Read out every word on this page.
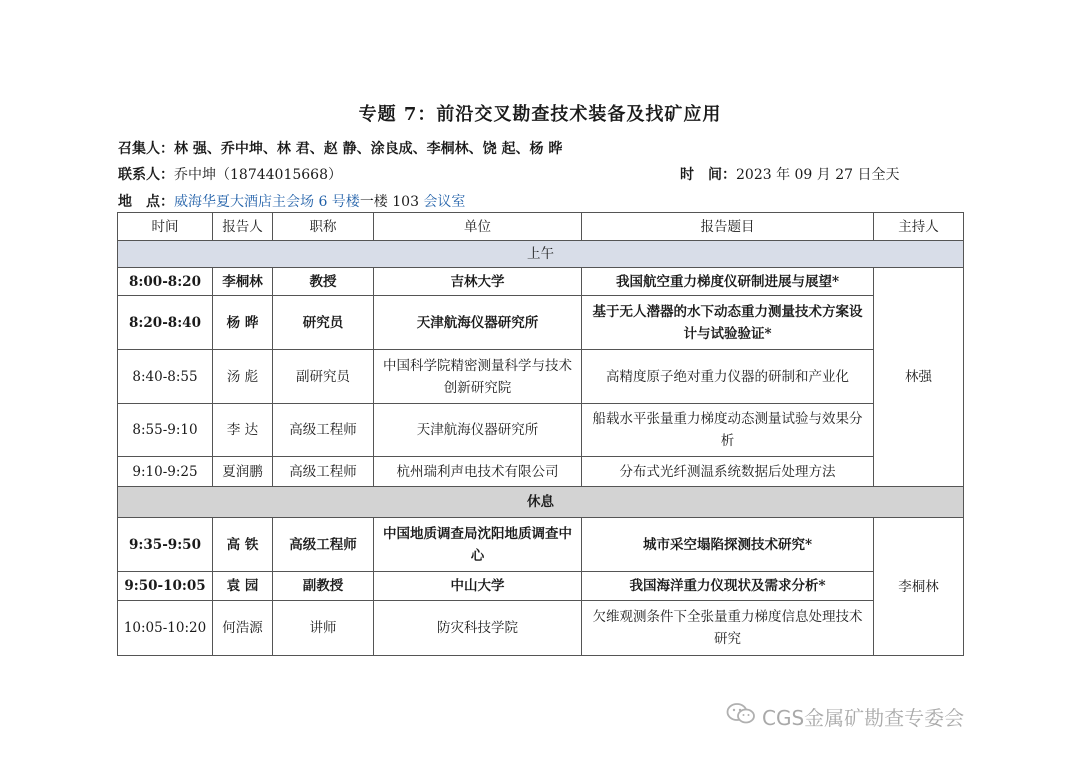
专题 7：前沿交叉勘查技术装备及找矿应用
召集人：林 强、乔中坤、林 君、赵 静、涂良成、李桐林、饶 起、杨 晔
联系人：乔中坤（18744015668）	时　间：2023 年 09 月 27 日全天
地　点：威海华夏大酒店主会场 6 号楼一楼 103 会议室
时间	报告人	职称	单位	报告题目	主持人
上午					
8:00-8:20	李桐林	教授	吉林大学	我国航空重力梯度仪研制进展与展望*	林强
8:20-8:40	杨 晔	研究员	天津航海仪器研究所	基于无人潜器的水下动态重力测量技术方案设计与试验验证*	
8:40-8:55	汤 彪	副研究员	中国科学院精密测量科学与技术创新研究院	高精度原子绝对重力仪器的研制和产业化	
8:55-9:10	李 达	高级工程师	天津航海仪器研究所	船载水平张量重力梯度动态测量试验与效果分析	
9:10-9:25	夏润鹏	高级工程师	杭州瑞利声电技术有限公司	分布式光纤测温系统数据后处理方法	
休息					
9:35-9:50	高 铁	高级工程师	中国地质调查局沈阳地质调查中心	城市采空塌陷探测技术研究*	李桐林
9:50-10:05	袁 园	副教授	中山大学	我国海洋重力仪现状及需求分析*	
10:05-10:20	何浩源	讲师	防灾科技学院	欠维观测条件下全张量重力梯度信息处理技术研究	
CGS金属矿勘查专委会
